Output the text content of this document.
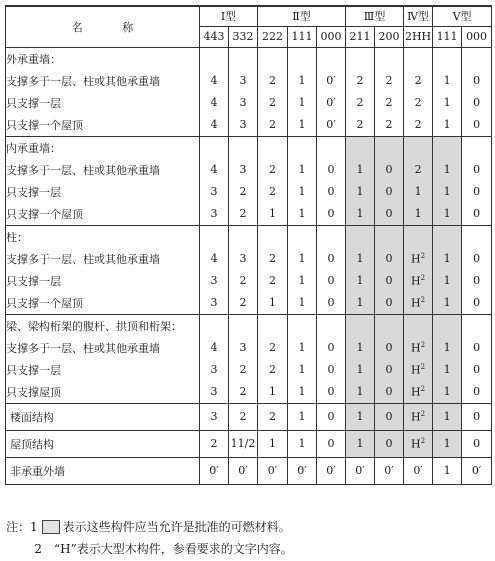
名 称	Ⅰ型		Ⅱ型			Ⅲ型		Ⅳ型	Ⅴ型	
	443	332	222	111	000	211	200	2HH	111	000
外承重墙：										
支撑多于一层、柱或其他承重墙	4	3	2	1	0′	2	2	2	1	0
只支撑一层	4	3	2	1	0′	2	2	2	1	0
只支撑一个屋顶	4	3	2	1	0′	2	2	2	1	0
内承重墙：										
支撑多于一层、柱或其他承重墙	4	3	2	1	0	1	0	2	1	0
只支撑一层	3	2	2	1	0	1	0	1	1	0
只支撑一个屋顶	3	2	1	1	0	1	0	1	1	0
柱：										
支撑多于一层、柱或其他承重墙	4	3	2	1	0	1	0	$H^2$	1	0
只支撑一层	3	2	2	1	0	1	0	$H^2$	1	0
只支撑一个屋顶	3	2	1	1	0	1	0	$H^2$	1	0
梁、梁构桁架的腹杆、拱顶和桁架：										
支撑多于一层、柱或其他承重墙	4	3	2	1	0	1	0	$H^2$	1	0
只支撑一层	3	2	2	1	0	1	0	$H^2$	1	0
只支撑屋顶	3	2	1	1	0	1	0	$H^2$	1	0
楼面结构	3	2	2	1	0	1	0	$H^2$	1	0
屋顶结构	2	11/2	1	1	0	1	0	$H^2$	1	0
非承重外墙	0′	0′	0′	0′	0′	0′	0′	0′	1	0′
注：1 表示这些构件应当允许是批准的可燃材料。
2 “H”表示大型木构件，参看要求的文字内容。
